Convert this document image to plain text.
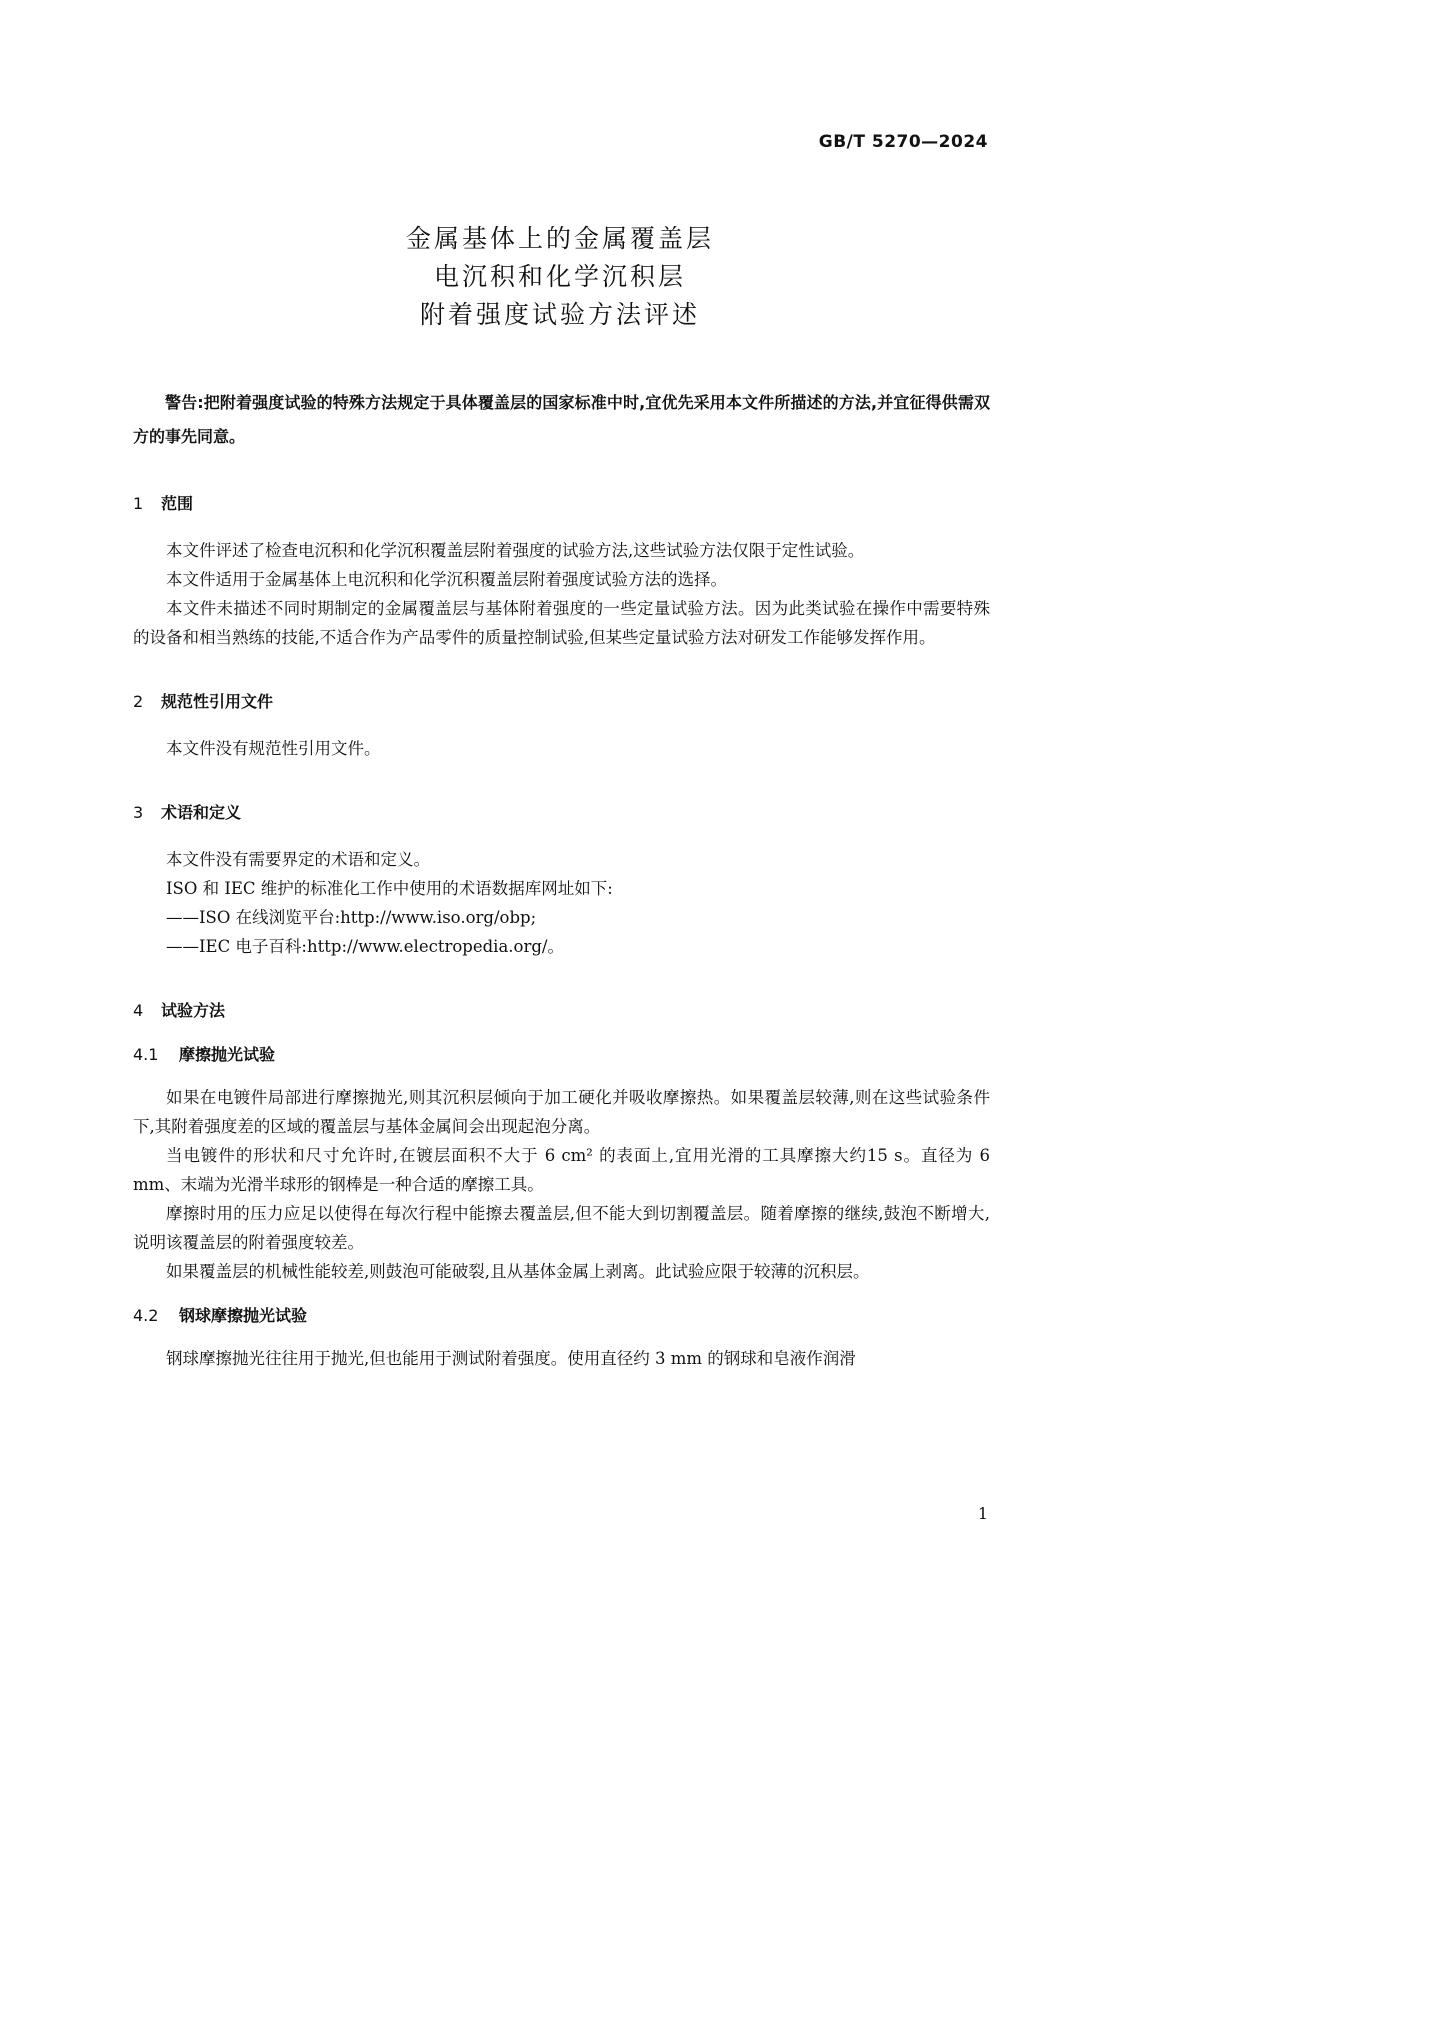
GB/T 5270—2024
金属基体上的金属覆盖层
电沉积和化学沉积层
附着强度试验方法评述

警告:把附着强度试验的特殊方法规定于具体覆盖层的国家标准中时,宜优先采用本文件所描述的方法,并宜征得供需双方的事先同意。

1 范围

本文件评述了检查电沉积和化学沉积覆盖层附着强度的试验方法,这些试验方法仅限于定性试验。

本文件适用于金属基体上电沉积和化学沉积覆盖层附着强度试验方法的选择。

本文件未描述不同时期制定的金属覆盖层与基体附着强度的一些定量试验方法。因为此类试验在操作中需要特殊的设备和相当熟练的技能,不适合作为产品零件的质量控制试验,但某些定量试验方法对研发工作能够发挥作用。

2 规范性引用文件

本文件没有规范性引用文件。

3 术语和定义

本文件没有需要界定的术语和定义。

ISO 和 IEC 维护的标准化工作中使用的术语数据库网址如下:

——ISO 在线浏览平台:http://www.iso.org/obp;

——IEC 电子百科:http://www.electropedia.org/。

4 试验方法
4.1 摩擦抛光试验

如果在电镀件局部进行摩擦抛光,则其沉积层倾向于加工硬化并吸收摩擦热。如果覆盖层较薄,则在这些试验条件下,其附着强度差的区域的覆盖层与基体金属间会出现起泡分离。

当电镀件的形状和尺寸允许时,在镀层面积不大于 6 cm² 的表面上,宜用光滑的工具摩擦大约15 s。直径为 6 mm、末端为光滑半球形的钢棒是一种合适的摩擦工具。

摩擦时用的压力应足以使得在每次行程中能擦去覆盖层,但不能大到切割覆盖层。随着摩擦的继续,鼓泡不断增大,说明该覆盖层的附着强度较差。

如果覆盖层的机械性能较差,则鼓泡可能破裂,且从基体金属上剥离。此试验应限于较薄的沉积层。

4.2 钢球摩擦抛光试验

钢球摩擦抛光往往用于抛光,但也能用于测试附着强度。使用直径约 3 mm 的钢球和皂液作润滑

1
